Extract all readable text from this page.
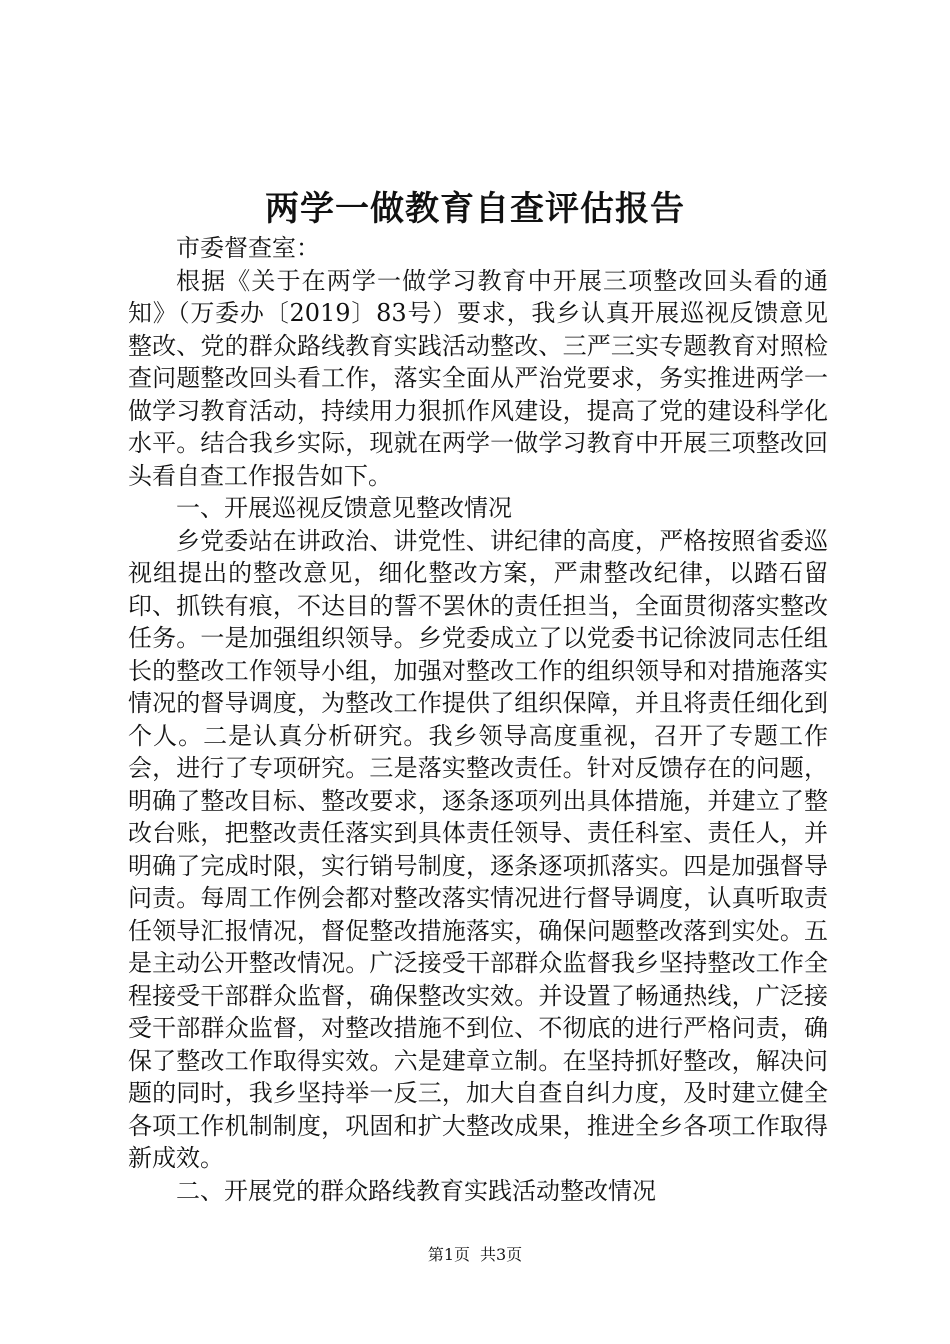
两学一做教育自查评估报告

市委督查室：

根据《关于在两学一做学习教育中开展三项整改回头看的通知》（万委办〔2019〕83号）要求，我乡认真开展巡视反馈意见整改、党的群众路线教育实践活动整改、三严三实专题教育对照检查问题整改回头看工作，落实全面从严治党要求，务实推进两学一做学习教育活动，持续用力狠抓作风建设，提高了党的建设科学化水平。结合我乡实际，现就在两学一做学习教育中开展三项整改回头看自查工作报告如下。

一、开展巡视反馈意见整改情况

乡党委站在讲政治、讲党性、讲纪律的高度，严格按照省委巡视组提出的整改意见，细化整改方案，严肃整改纪律，以踏石留印、抓铁有痕，不达目的誓不罢休的责任担当，全面贯彻落实整改任务。一是加强组织领导。乡党委成立了以党委书记徐波同志任组长的整改工作领导小组，加强对整改工作的组织领导和对措施落实情况的督导调度，为整改工作提供了组织保障，并且将责任细化到个人。二是认真分析研究。我乡领导高度重视，召开了专题工作会，进行了专项研究。三是落实整改责任。针对反馈存在的问题，明确了整改目标、整改要求，逐条逐项列出具体措施，并建立了整改台账，把整改责任落实到具体责任领导、责任科室、责任人，并明确了完成时限，实行销号制度，逐条逐项抓落实。四是加强督导问责。每周工作例会都对整改落实情况进行督导调度，认真听取责任领导汇报情况，督促整改措施落实，确保问题整改落到实处。五是主动公开整改情况。广泛接受干部群众监督我乡坚持整改工作全程接受干部群众监督，确保整改实效。并设置了畅通热线，广泛接受干部群众监督，对整改措施不到位、不彻底的进行严格问责，确保了整改工作取得实效。六是建章立制。在坚持抓好整改，解决问题的同时，我乡坚持举一反三，加大自查自纠力度，及时建立健全各项工作机制制度，巩固和扩大整改成果，推进全乡各项工作取得新成效。

二、开展党的群众路线教育实践活动整改情况

第1页 共3页
